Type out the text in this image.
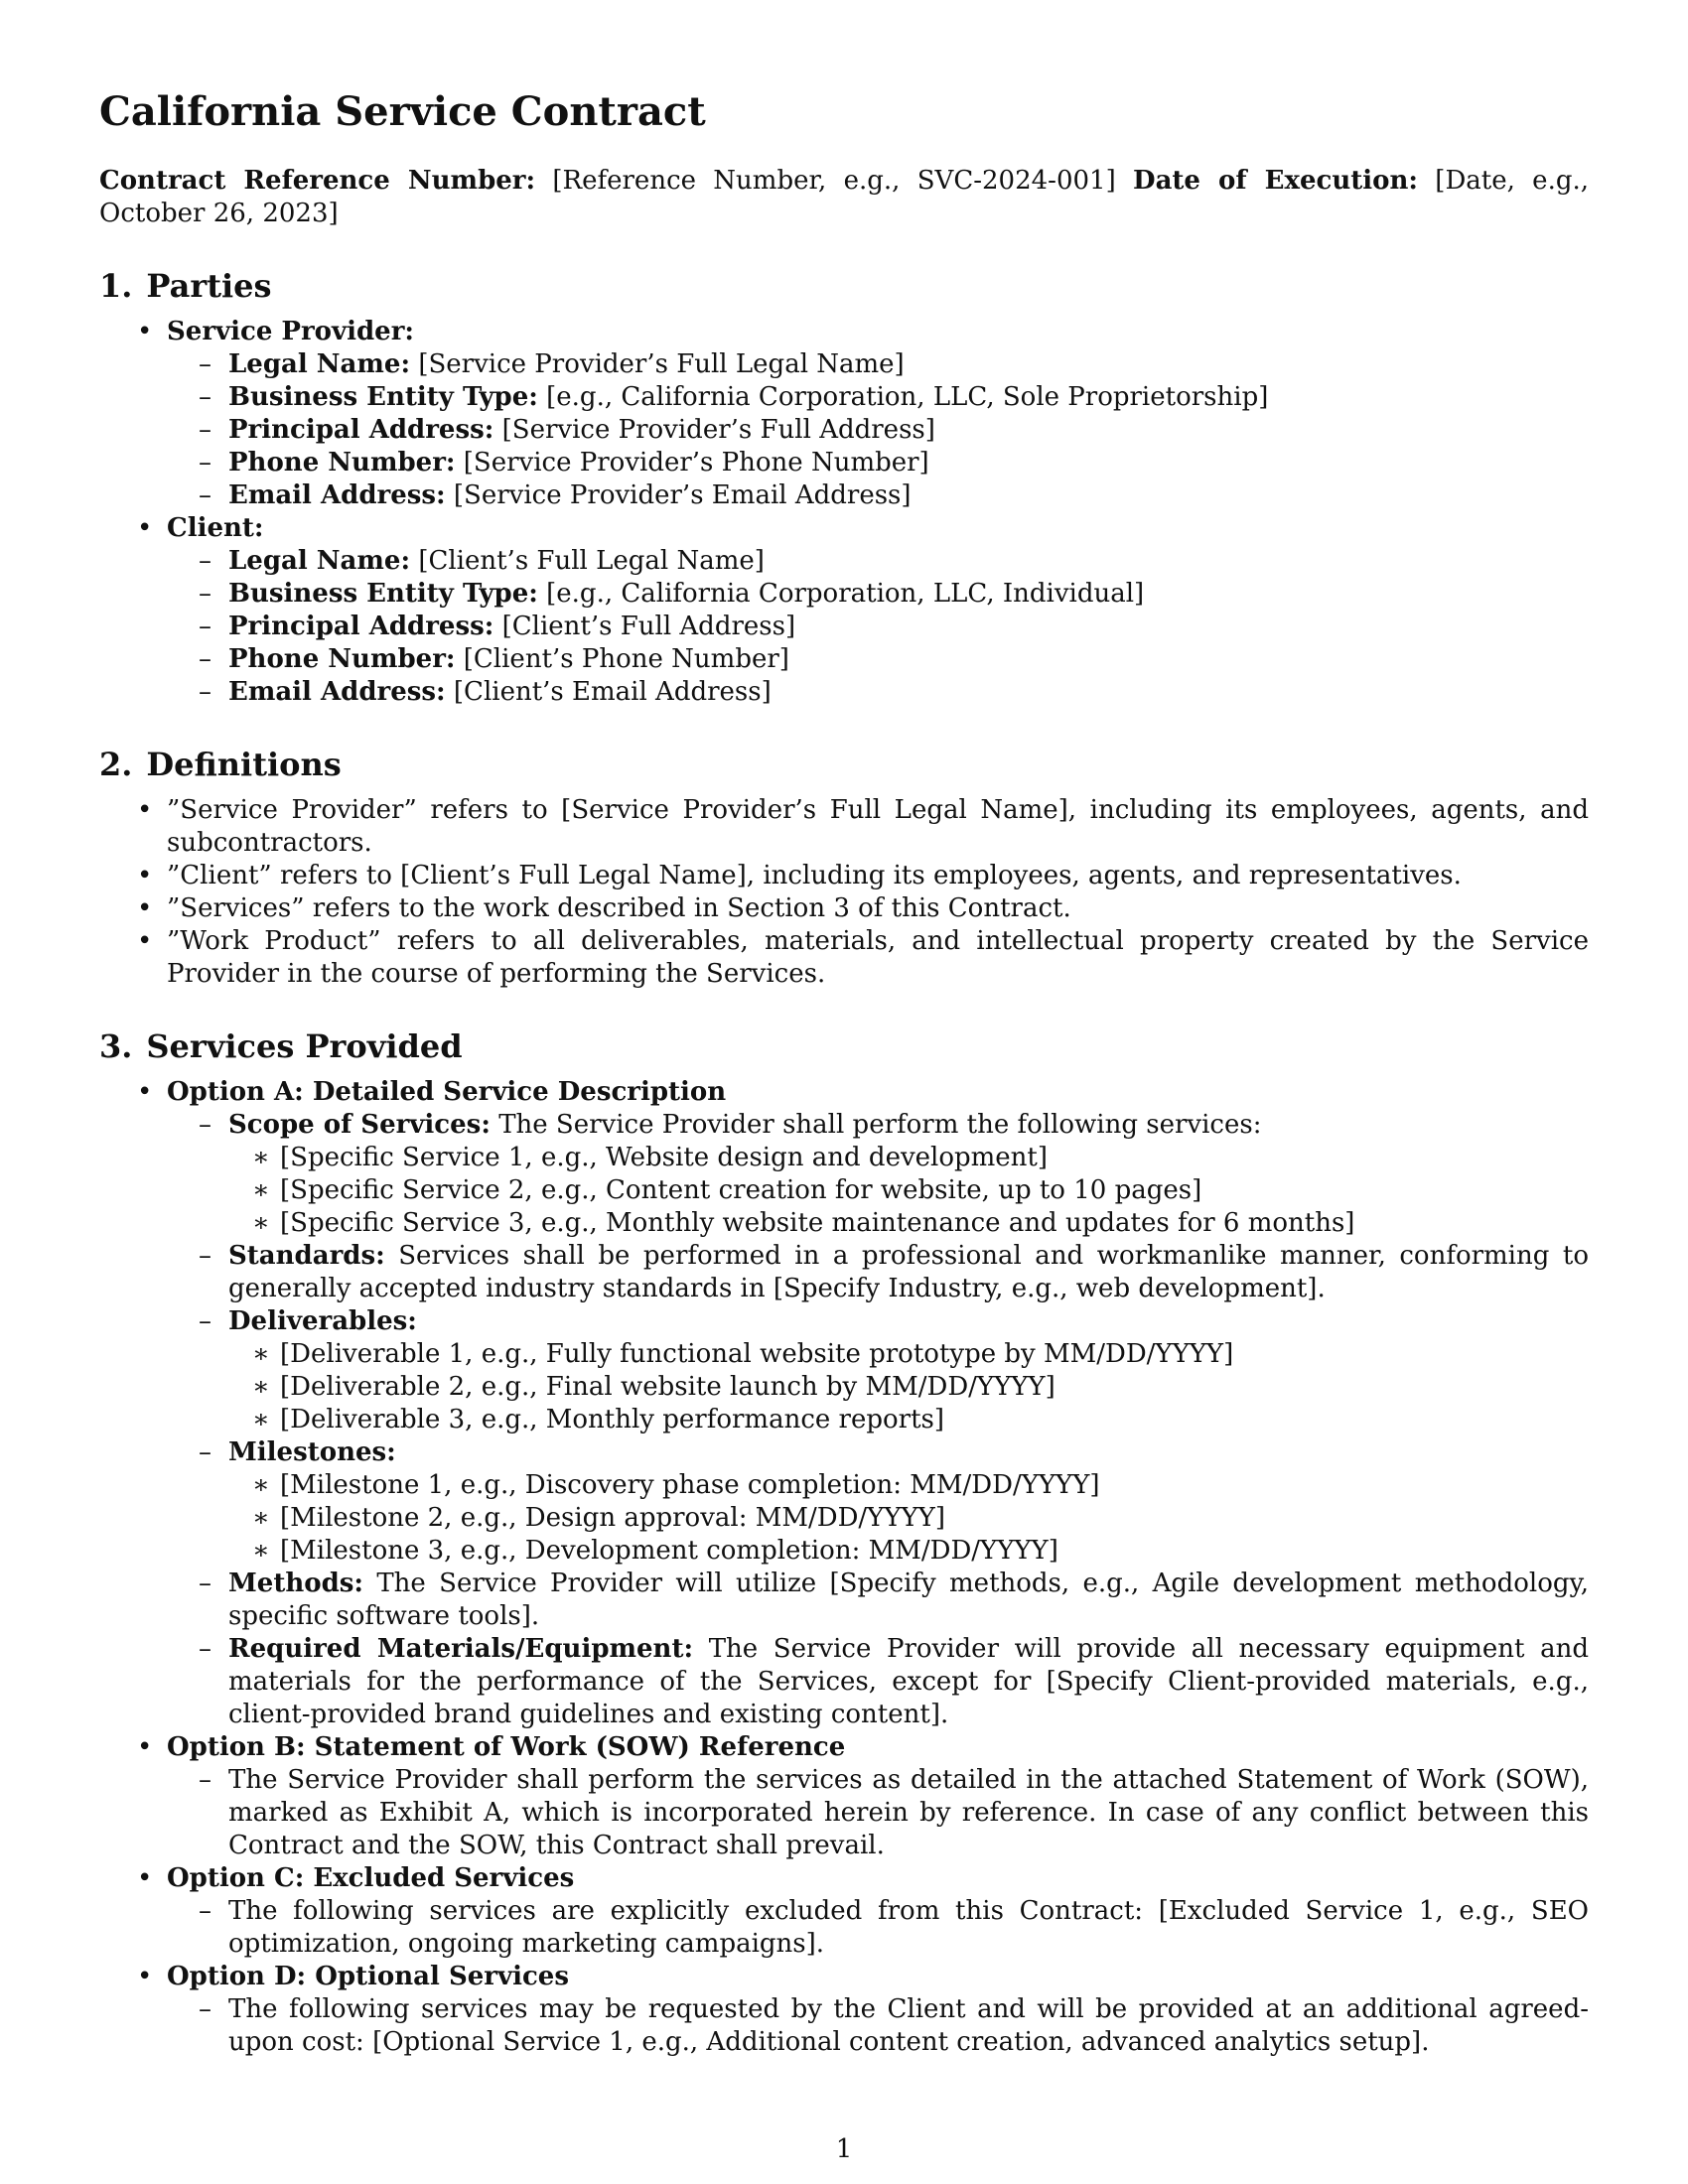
California Service Contract

Contract Reference Number: [Reference Number, e.g., SVC-2024-001] Date of Execution: [Date, e.g., October 26, 2023]

1. Parties
• Service Provider:
– Legal Name: [Service Provider’s Full Legal Name]
– Business Entity Type: [e.g., California Corporation, LLC, Sole Proprietorship]
– Principal Address: [Service Provider’s Full Address]
– Phone Number: [Service Provider’s Phone Number]
– Email Address: [Service Provider’s Email Address]
• Client:
– Legal Name: [Client’s Full Legal Name]
– Business Entity Type: [e.g., California Corporation, LLC, Individual]
– Principal Address: [Client’s Full Address]
– Phone Number: [Client’s Phone Number]
– Email Address: [Client’s Email Address]
2. Definitions
• ”Service Provider” refers to [Service Provider’s Full Legal Name], including its employees, agents, and subcontractors.
• ”Client” refers to [Client’s Full Legal Name], including its employees, agents, and representatives.
• ”Services” refers to the work described in Section 3 of this Contract.
• ”Work Product” refers to all deliverables, materials, and intellectual property created by the Service Provider in the course of performing the Services.
3. Services Provided
• Option A: Detailed Service Description
– Scope of Services: The Service Provider shall perform the following services:
∗ [Specific Service 1, e.g., Website design and development]
∗ [Specific Service 2, e.g., Content creation for website, up to 10 pages]
∗ [Specific Service 3, e.g., Monthly website maintenance and updates for 6 months]
– Standards: Services shall be performed in a professional and workmanlike manner, conforming to generally accepted industry standards in [Specify Industry, e.g., web development].
– Deliverables:
∗ [Deliverable 1, e.g., Fully functional website prototype by MM/DD/YYYY]
∗ [Deliverable 2, e.g., Final website launch by MM/DD/YYYY]
∗ [Deliverable 3, e.g., Monthly performance reports]
– Milestones:
∗ [Milestone 1, e.g., Discovery phase completion: MM/DD/YYYY]
∗ [Milestone 2, e.g., Design approval: MM/DD/YYYY]
∗ [Milestone 3, e.g., Development completion: MM/DD/YYYY]
– Methods: The Service Provider will utilize [Specify methods, e.g., Agile development methodology, specific software tools].
– Required Materials/Equipment: The Service Provider will provide all necessary equipment and materials for the performance of the Services, except for [Specify Client-provided materials, e.g., client-provided brand guidelines and existing content].
• Option B: Statement of Work (SOW) Reference
– The Service Provider shall perform the services as detailed in the attached Statement of Work (SOW), marked as Exhibit A, which is incorporated herein by reference. In case of any conflict between this Contract and the SOW, this Contract shall prevail.
• Option C: Excluded Services
– The following services are explicitly excluded from this Contract: [Excluded Service 1, e.g., SEO optimization, ongoing marketing campaigns].
• Option D: Optional Services
– The following services may be requested by the Client and will be provided at an additional agreed-upon cost: [Optional Service 1, e.g., Additional content creation, advanced analytics setup].
1
